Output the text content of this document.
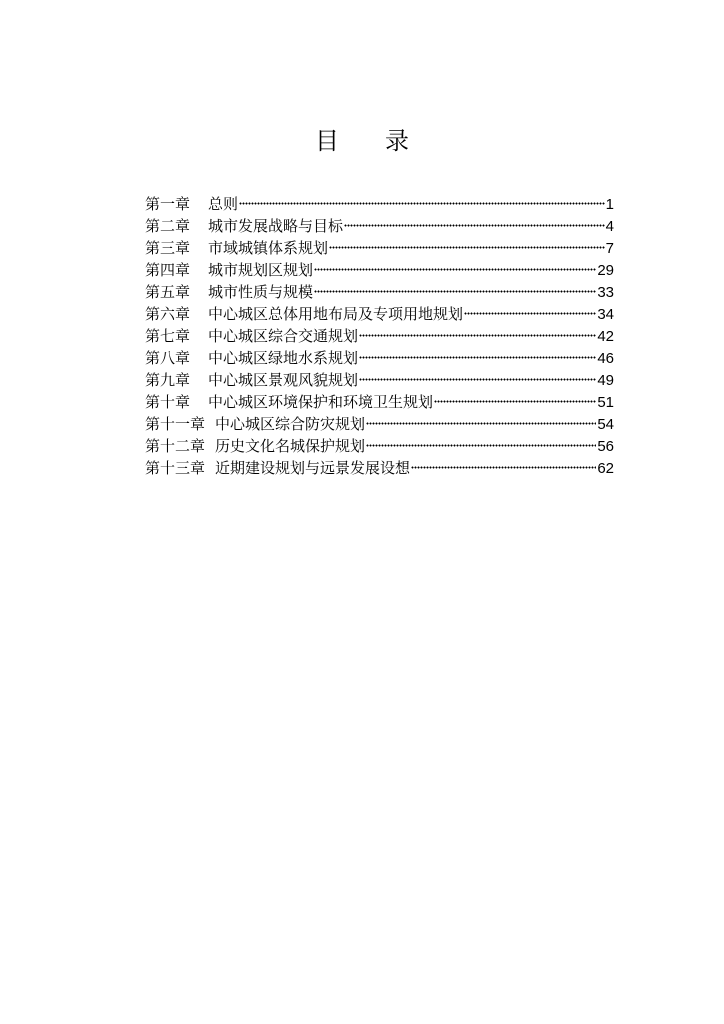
目 录
第一章 总则	1
第二章 城市发展战略与目标	4
第三章 市域城镇体系规划	7
第四章 城市规划区规划	29
第五章 城市性质与规模	33
第六章 中心城区总体用地布局及专项用地规划	34
第七章 中心城区综合交通规划	42
第八章 中心城区绿地水系规划	46
第九章 中心城区景观风貌规划	49
第十章 中心城区环境保护和环境卫生规划	51
第十一章 中心城区综合防灾规划	54
第十二章 历史文化名城保护规划	56
第十三章 近期建设规划与远景发展设想	62
